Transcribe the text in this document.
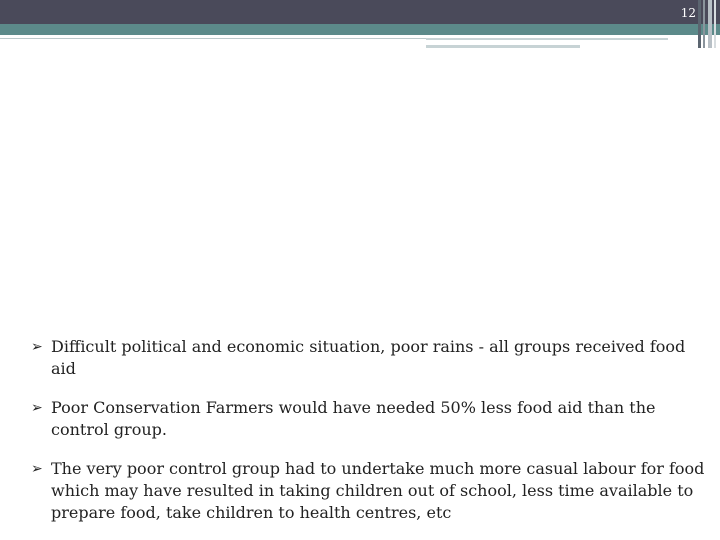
12
➢ Difficult political and economic situation, poor rains - all groups received food aid
➢ Poor Conservation Farmers would have needed 50% less food aid than the control group.
➢ The very poor control group had to undertake much more casual labour for food which may have resulted in taking children out of school, less time available to prepare food, take children to health centres, etc
